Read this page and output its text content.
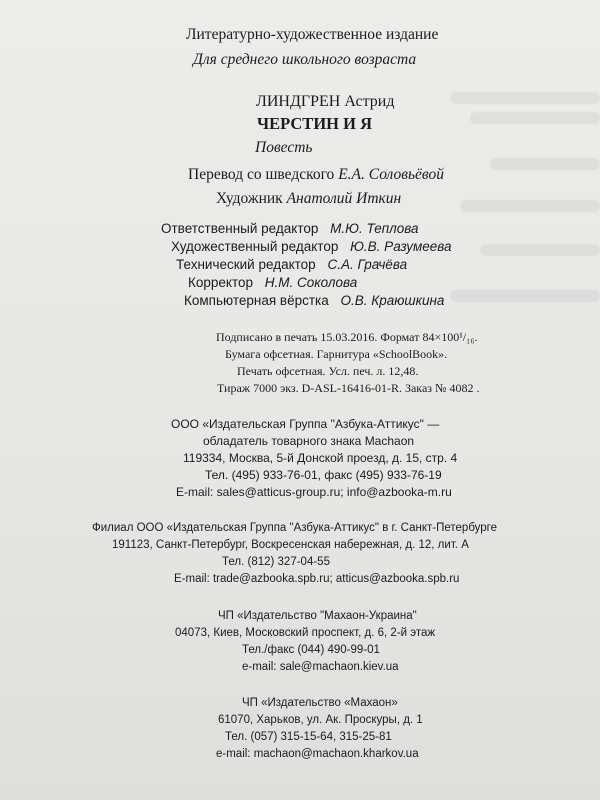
Литературно-художественное издание
Для среднего школьного возраста
ЛИНДГРЕН Астрид
ЧЕРСТИН И Я
Повесть
Перевод со шведского Е.А. Соловьёвой
Художник Анатолий Иткин
Ответственный редактор М.Ю. Теплова
Художественный редактор Ю.В. Разумеева
Технический редактор С.А. Грачёва
Корректор Н.М. Соколова
Компьютерная вёрстка О.В. Краюшкина
Подписано в печать 15.03.2016. Формат 84×100¹/₁₆.
Бумага офсетная. Гарнитура «SchoolBook».
Печать офсетная. Усл. печ. л. 12,48.
Тираж 7000 экз. D-ASL-16416-01-R. Заказ № 4082 .
ООО «Издательская Группа "Азбука-Аттикус" —
обладатель товарного знака Machaon
119334, Москва, 5-й Донской проезд, д. 15, стр. 4
Тел. (495) 933-76-01, факс (495) 933-76-19
E-mail: sales@atticus-group.ru; info@azbooka-m.ru
Филиал ООО «Издательская Группа "Азбука-Аттикус" в г. Санкт-Петербурге
191123, Санкт-Петербург, Воскресенская набережная, д. 12, лит. А
Тел. (812) 327-04-55
E-mail: trade@azbooka.spb.ru; atticus@azbooka.spb.ru
ЧП «Издательство "Махаон-Украина"
04073, Киев, Московский проспект, д. 6, 2-й этаж
Тел./факс (044) 490-99-01
e-mail: sale@machaon.kiev.ua
ЧП «Издательство «Махаон»
61070, Харьков, ул. Ак. Проскуры, д. 1
Тел. (057) 315-15-64, 315-25-81
e-mail: machaon@machaon.kharkov.ua
